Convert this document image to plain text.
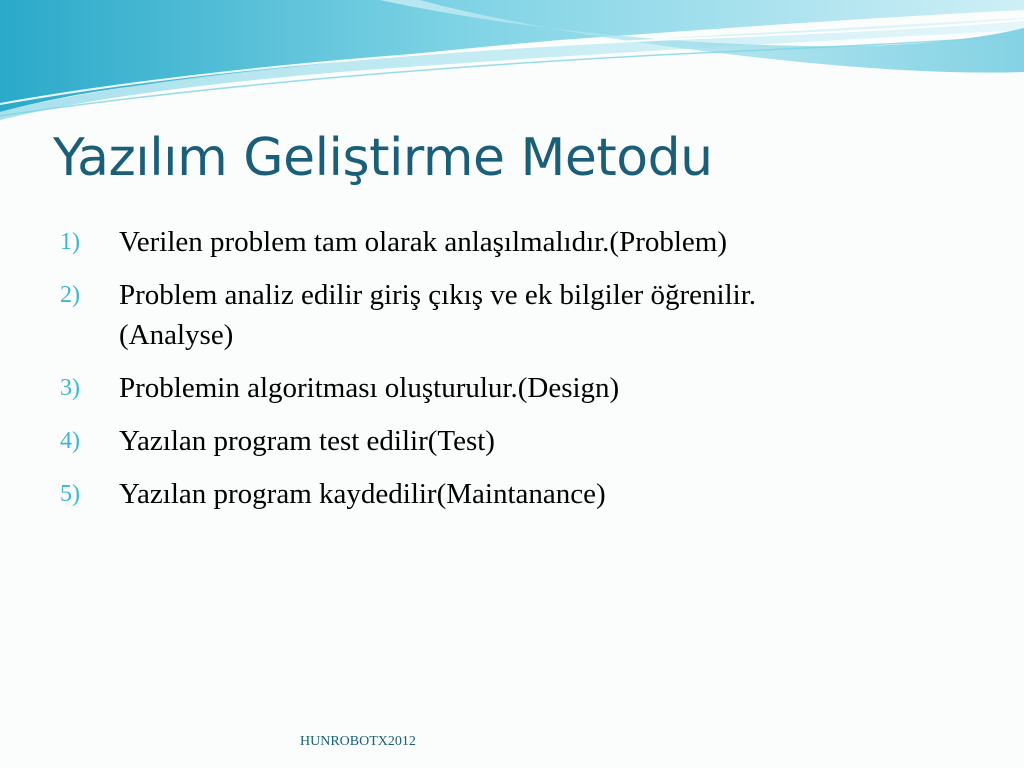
Yazılım Geliştirme Metodu
1)	Verilen problem tam olarak anlaşılmalıdır.(Problem)
2)	Problem analiz edilir giriş çıkış ve ek bilgiler öğrenilir.(Analyse)
3)	Problemin algoritması oluşturulur.(Design)
4)	Yazılan program test edilir(Test)
5)	Yazılan program kaydedilir(Maintanance)
HUNROBOTX2012
